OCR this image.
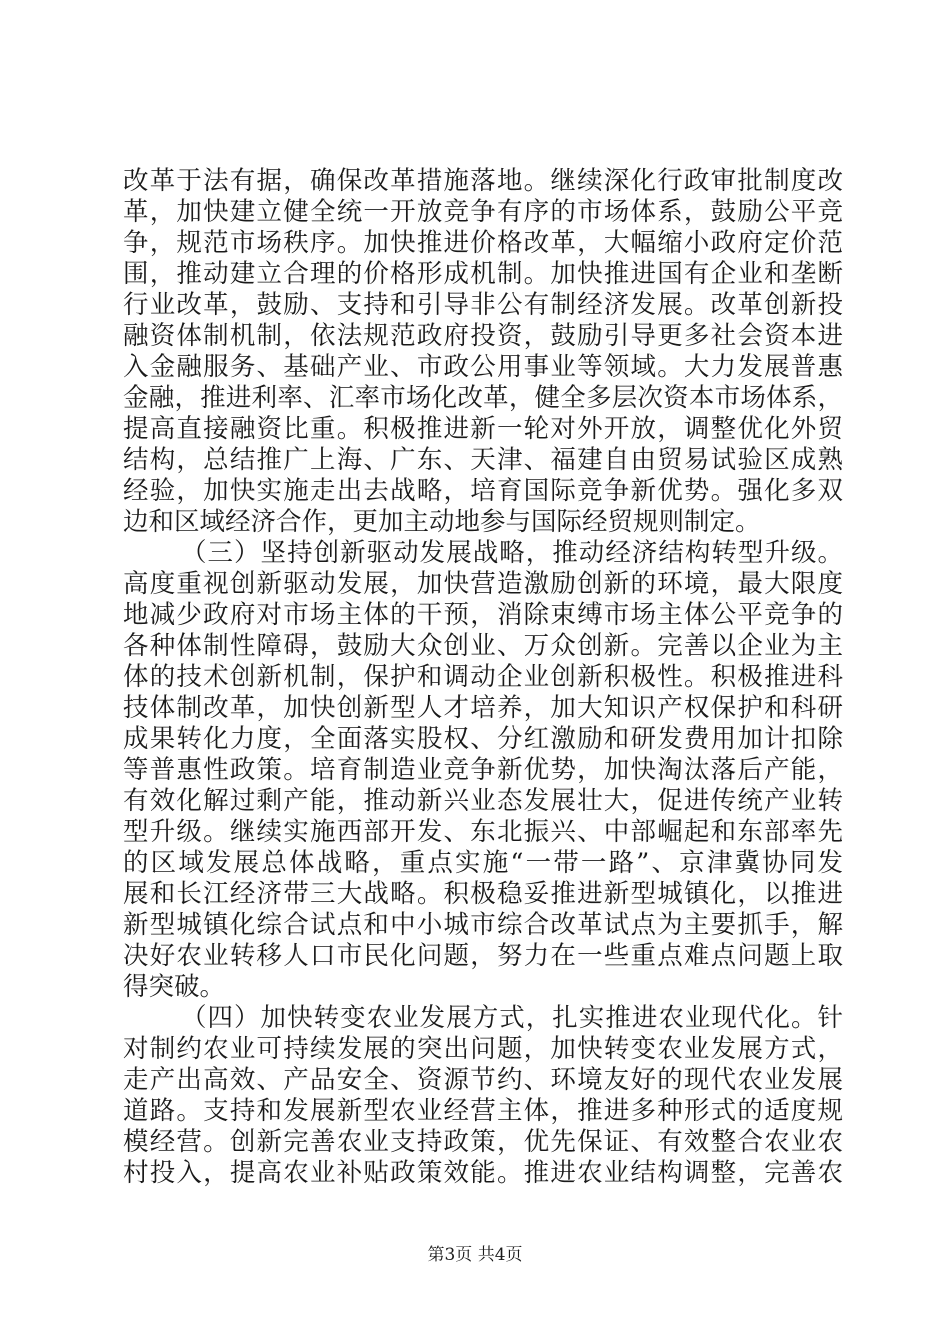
改革于法有据，确保改革措施落地。继续深化行政审批制度改
革，加快建立健全统一开放竞争有序的市场体系，鼓励公平竞
争，规范市场秩序。加快推进价格改革，大幅缩小政府定价范
围，推动建立合理的价格形成机制。加快推进国有企业和垄断
行业改革，鼓励、支持和引导非公有制经济发展。改革创新投
融资体制机制，依法规范政府投资，鼓励引导更多社会资本进
入金融服务、基础产业、市政公用事业等领域。大力发展普惠
金融，推进利率、汇率市场化改革，健全多层次资本市场体系，
提高直接融资比重。积极推进新一轮对外开放，调整优化外贸
结构，总结推广上海、广东、天津、福建自由贸易试验区成熟
经验，加快实施走出去战略，培育国际竞争新优势。强化多双
边和区域经济合作，更加主动地参与国际经贸规则制定。
（三）坚持创新驱动发展战略，推动经济结构转型升级。
高度重视创新驱动发展，加快营造激励创新的环境，最大限度
地减少政府对市场主体的干预，消除束缚市场主体公平竞争的
各种体制性障碍，鼓励大众创业、万众创新。完善以企业为主
体的技术创新机制，保护和调动企业创新积极性。积极推进科
技体制改革，加快创新型人才培养，加大知识产权保护和科研
成果转化力度，全面落实股权、分红激励和研发费用加计扣除
等普惠性政策。培育制造业竞争新优势，加快淘汰落后产能，
有效化解过剩产能，推动新兴业态发展壮大，促进传统产业转
型升级。继续实施西部开发、东北振兴、中部崛起和东部率先
的区域发展总体战略，重点实施“一带一路”、京津冀协同发
展和长江经济带三大战略。积极稳妥推进新型城镇化，以推进
新型城镇化综合试点和中小城市综合改革试点为主要抓手，解
决好农业转移人口市民化问题，努力在一些重点难点问题上取
得突破。
（四）加快转变农业发展方式，扎实推进农业现代化。针
对制约农业可持续发展的突出问题，加快转变农业发展方式，
走产出高效、产品安全、资源节约、环境友好的现代农业发展
道路。支持和发展新型农业经营主体，推进多种形式的适度规
模经营。创新完善农业支持政策，优先保证、有效整合农业农
村投入，提高农业补贴政策效能。推进农业结构调整，完善农
第3页 共4页
